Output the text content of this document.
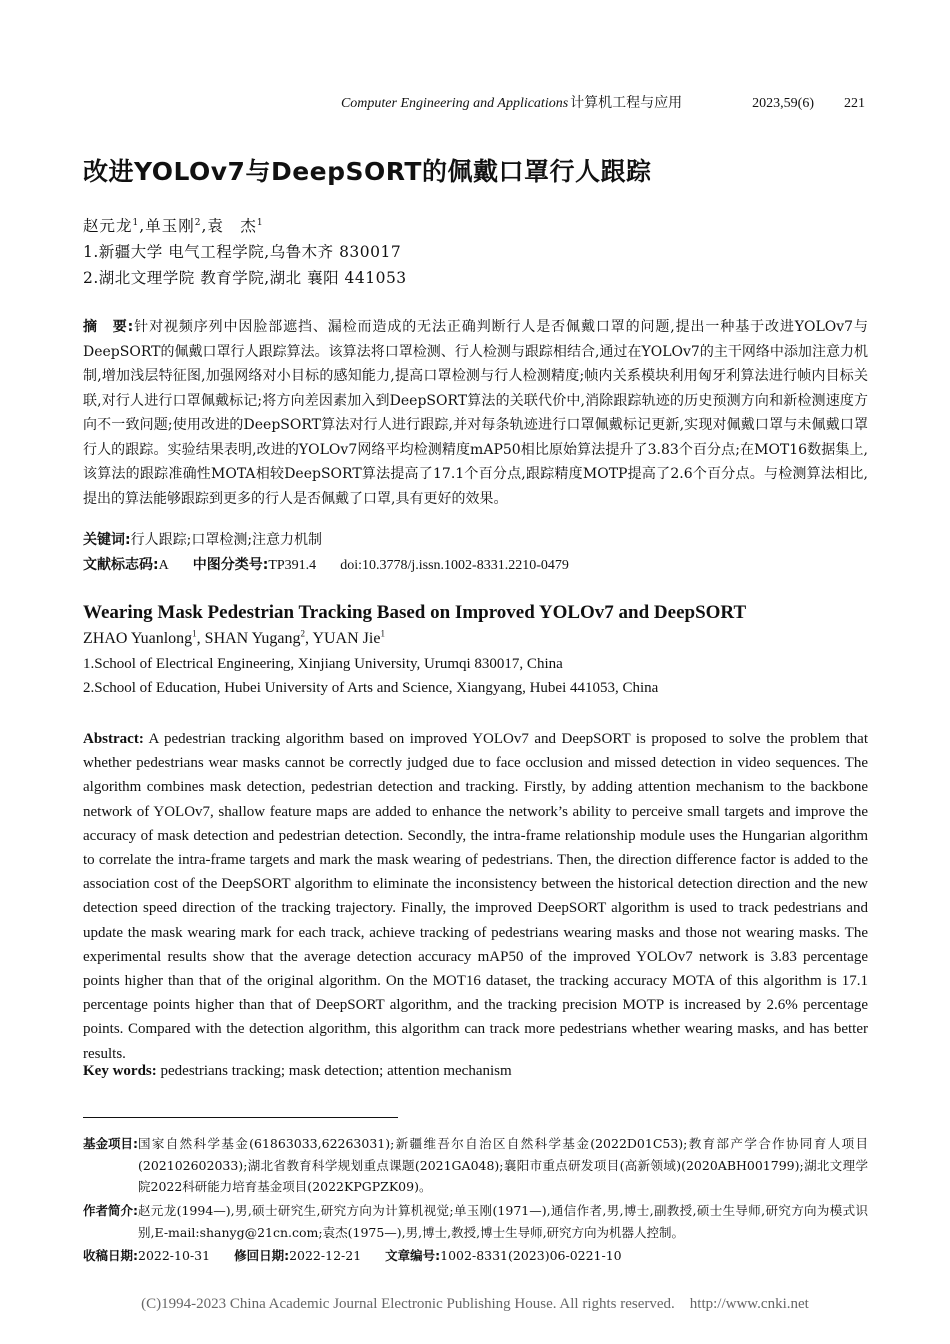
Computer Engineering and Applications 计算机工程与应用	2023,59(6) 221
改进YOLOv7与DeepSORT的佩戴口罩行人跟踪
赵元龙$^1$,单玉刚$^2$,袁　杰$^1$
1.新疆大学 电气工程学院,乌鲁木齐 830017
2.湖北文理学院 教育学院,湖北 襄阳 441053
摘　要:针对视频序列中因脸部遮挡、漏检而造成的无法正确判断行人是否佩戴口罩的问题,提出一种基于改进YOLOv7与DeepSORT的佩戴口罩行人跟踪算法。该算法将口罩检测、行人检测与跟踪相结合,通过在YOLOv7的主干网络中添加注意力机制,增加浅层特征图,加强网络对小目标的感知能力,提高口罩检测与行人检测精度;帧内关系模块利用匈牙利算法进行帧内目标关联,对行人进行口罩佩戴标记;将方向差因素加入到DeepSORT算法的关联代价中,消除跟踪轨迹的历史预测方向和新检测速度方向不一致问题;使用改进的DeepSORT算法对行人进行跟踪,并对每条轨迹进行口罩佩戴标记更新,实现对佩戴口罩与未佩戴口罩行人的跟踪。实验结果表明,改进的YOLOv7网络平均检测精度mAP50相比原始算法提升了3.83个百分点;在MOT16数据集上,该算法的跟踪准确性MOTA相较DeepSORT算法提高了17.1个百分点,跟踪精度MOTP提高了2.6个百分点。与检测算法相比,提出的算法能够跟踪到更多的行人是否佩戴了口罩,具有更好的效果。
关键词:行人跟踪;口罩检测;注意力机制
文献标志码:A 中图分类号:TP391.4 doi:10.3778/j.issn.1002-8331.2210-0479
Wearing Mask Pedestrian Tracking Based on Improved YOLOv7 and DeepSORT
ZHAO Yuanlong$^1$, SHAN Yugang$^2$, YUAN Jie$^1$
1.School of Electrical Engineering, Xinjiang University, Urumqi 830017, China
2.School of Education, Hubei University of Arts and Science, Xiangyang, Hubei 441053, China
Abstract: A pedestrian tracking algorithm based on improved YOLOv7 and DeepSORT is proposed to solve the problem that whether pedestrians wear masks cannot be correctly judged due to face occlusion and missed detection in video sequences. The algorithm combines mask detection, pedestrian detection and tracking. Firstly, by adding attention mechanism to the backbone network of YOLOv7, shallow feature maps are added to enhance the network’s ability to perceive small targets and improve the accuracy of mask detection and pedestrian detection. Secondly, the intra-frame relationship module uses the Hungarian algorithm to correlate the intra-frame targets and mark the mask wearing of pedestrians. Then, the direction difference factor is added to the association cost of the DeepSORT algorithm to eliminate the inconsistency between the historical detection direction and the new detection speed direction of the tracking trajectory. Finally, the improved DeepSORT algorithm is used to track pedestrians and update the mask wearing mark for each track, achieve tracking of pedestrians wearing masks and those not wearing masks. The experimental results show that the average detection accuracy mAP50 of the improved YOLOv7 network is 3.83 percentage points higher than that of the original algorithm. On the MOT16 dataset, the tracking accuracy MOTA of this algorithm is 17.1 percentage points higher than that of DeepSORT algorithm, and the tracking precision MOTP is increased by 2.6% percentage points. Compared with the detection algorithm, this algorithm can track more pedestrians whether wearing masks, and has better results.
Key words: pedestrians tracking; mask detection; attention mechanism
基金项目: 国家自然科学基金(61863033,62263031);新疆维吾尔自治区自然科学基金(2022D01C53);教育部产学合作协同育人项目(202102602033);湖北省教育科学规划重点课题(2021GA048);襄阳市重点研发项目(高新领域)(2020ABH001799);湖北文理学院2022科研能力培育基金项目(2022KPGPZK09)。
作者简介: 赵元龙(1994—),男,硕士研究生,研究方向为计算机视觉;单玉刚(1971—),通信作者,男,博士,副教授,硕士生导师,研究方向为模式识别,E-mail:shanyg@21cn.com;袁杰(1975—),男,博士,教授,博士生导师,研究方向为机器人控制。
收稿日期:2022-10-31 修回日期:2022-12-21 文章编号:1002-8331(2023)06-0221-10
(C)1994-2023 China Academic Journal Electronic Publishing House. All rights reserved.    http://www.cnki.net
